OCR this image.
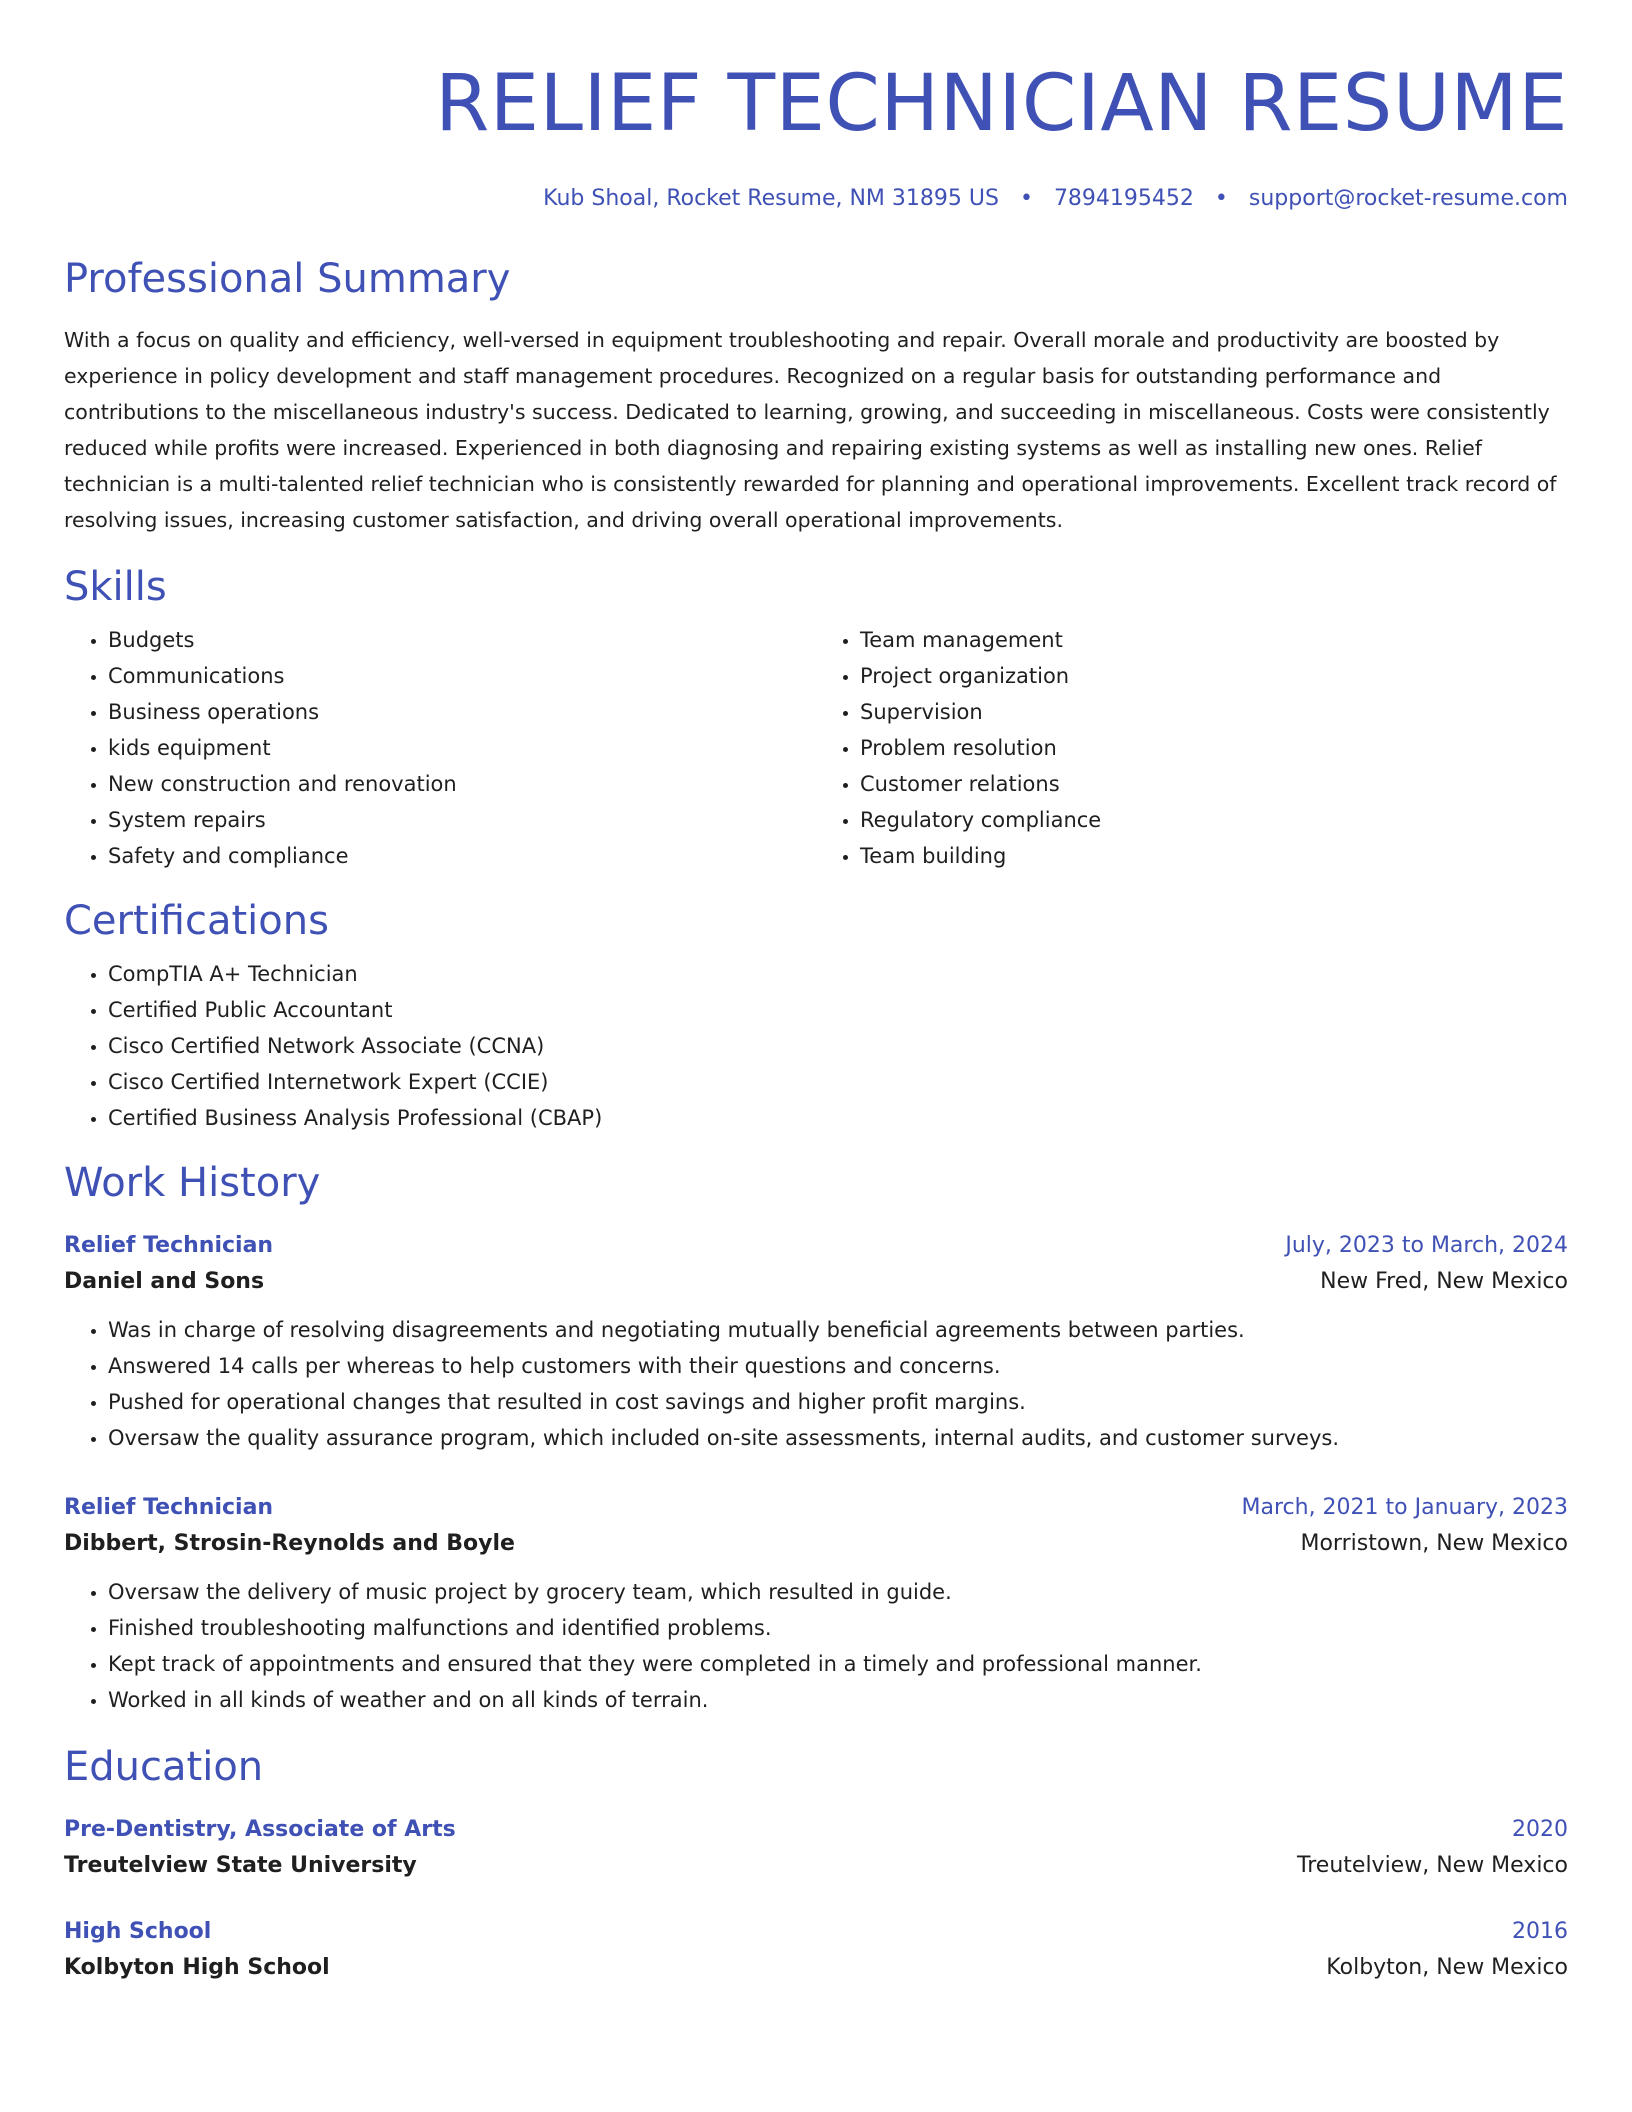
RELIEF TECHNICIAN RESUME
Kub Shoal, Rocket Resume, NM 31895 US • 7894195452 • support@rocket-resume.com
Professional Summary

With a focus on quality and efficiency, well-versed in equipment troubleshooting and repair. Overall morale and productivity are boosted by experience in policy development and staff management procedures. Recognized on a regular basis for outstanding performance and contributions to the miscellaneous industry's success. Dedicated to learning, growing, and succeeding in miscellaneous. Costs were consistently reduced while profits were increased. Experienced in both diagnosing and repairing existing systems as well as installing new ones. Relief technician is a multi-talented relief technician who is consistently rewarded for planning and operational improvements. Excellent track record of resolving issues, increasing customer satisfaction, and driving overall operational improvements.

Skills
• Budgets
• Communications
• Business operations
• kids equipment
• New construction and renovation
• System repairs
• Safety and compliance
• Team management
• Project organization
• Supervision
• Problem resolution
• Customer relations
• Regulatory compliance
• Team building
Certifications
• CompTIA A+ Technician
• Certified Public Accountant
• Cisco Certified Network Associate (CCNA)
• Cisco Certified Internetwork Expert (CCIE)
• Certified Business Analysis Professional (CBAP)
Work History
Relief Technician	July, 2023 to March, 2024
Daniel and Sons	New Fred, New Mexico
• Was in charge of resolving disagreements and negotiating mutually beneficial agreements between parties.
• Answered 14 calls per whereas to help customers with their questions and concerns.
• Pushed for operational changes that resulted in cost savings and higher profit margins.
• Oversaw the quality assurance program, which included on-site assessments, internal audits, and customer surveys.
Relief Technician	March, 2021 to January, 2023
Dibbert, Strosin-Reynolds and Boyle	Morristown, New Mexico
• Oversaw the delivery of music project by grocery team, which resulted in guide.
• Finished troubleshooting malfunctions and identified problems.
• Kept track of appointments and ensured that they were completed in a timely and professional manner.
• Worked in all kinds of weather and on all kinds of terrain.
Education
Pre-Dentistry, Associate of Arts	2020
Treutelview State University	Treutelview, New Mexico
High School	2016
Kolbyton High School	Kolbyton, New Mexico
